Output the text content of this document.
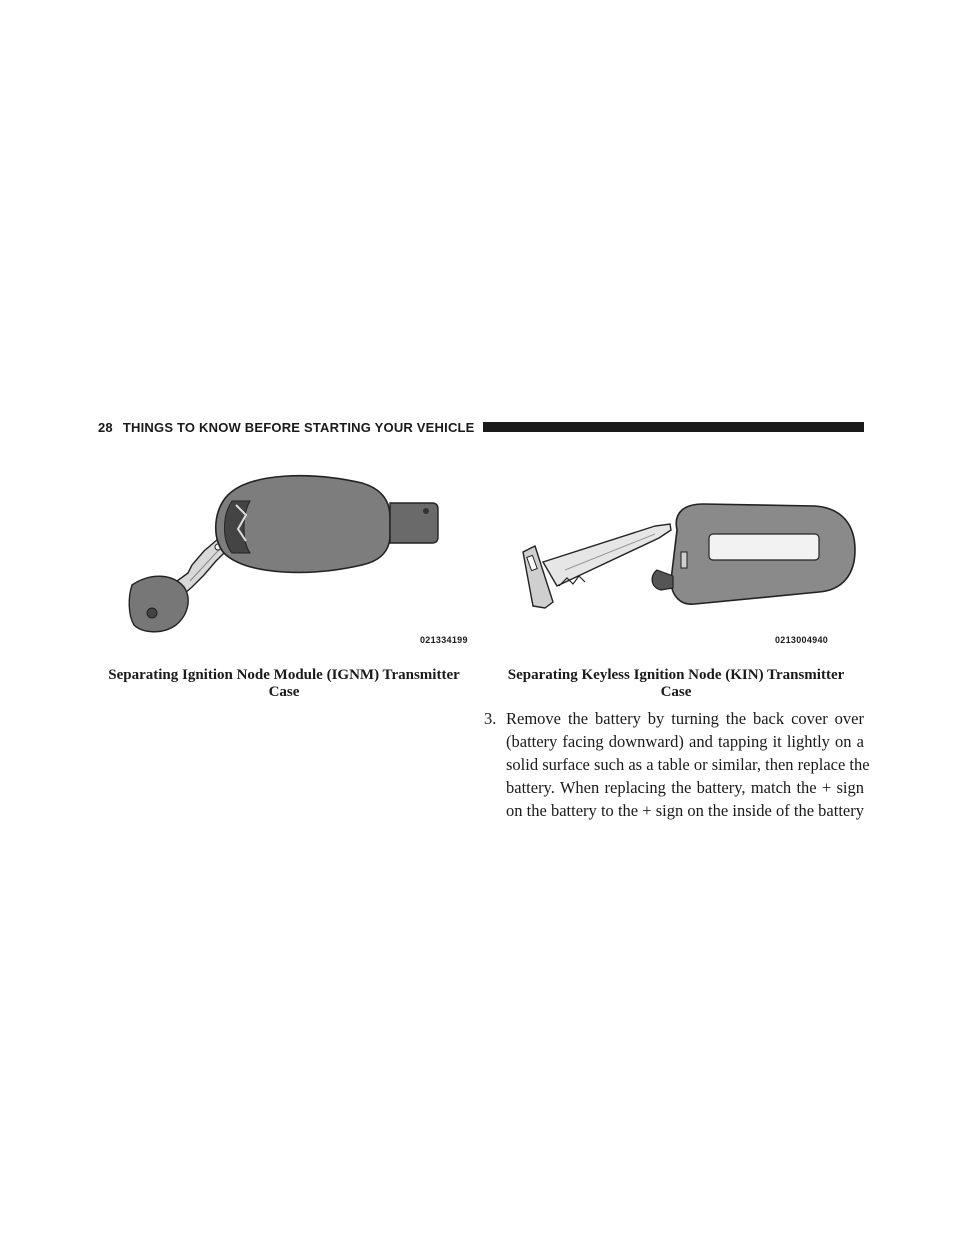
28 THINGS TO KNOW BEFORE STARTING YOUR VEHICLE
021334199	0213004940
Separating Ignition Node Module (IGNM) Transmitter
Case
Separating Keyless Ignition Node (KIN) Transmitter
Case
3. Remove the battery by turning the back cover over
(battery facing downward) and tapping it lightly on a
solid surface such as a table or similar, then replace the
battery. When replacing the battery, match the + sign
on the battery to the + sign on the inside of the battery
